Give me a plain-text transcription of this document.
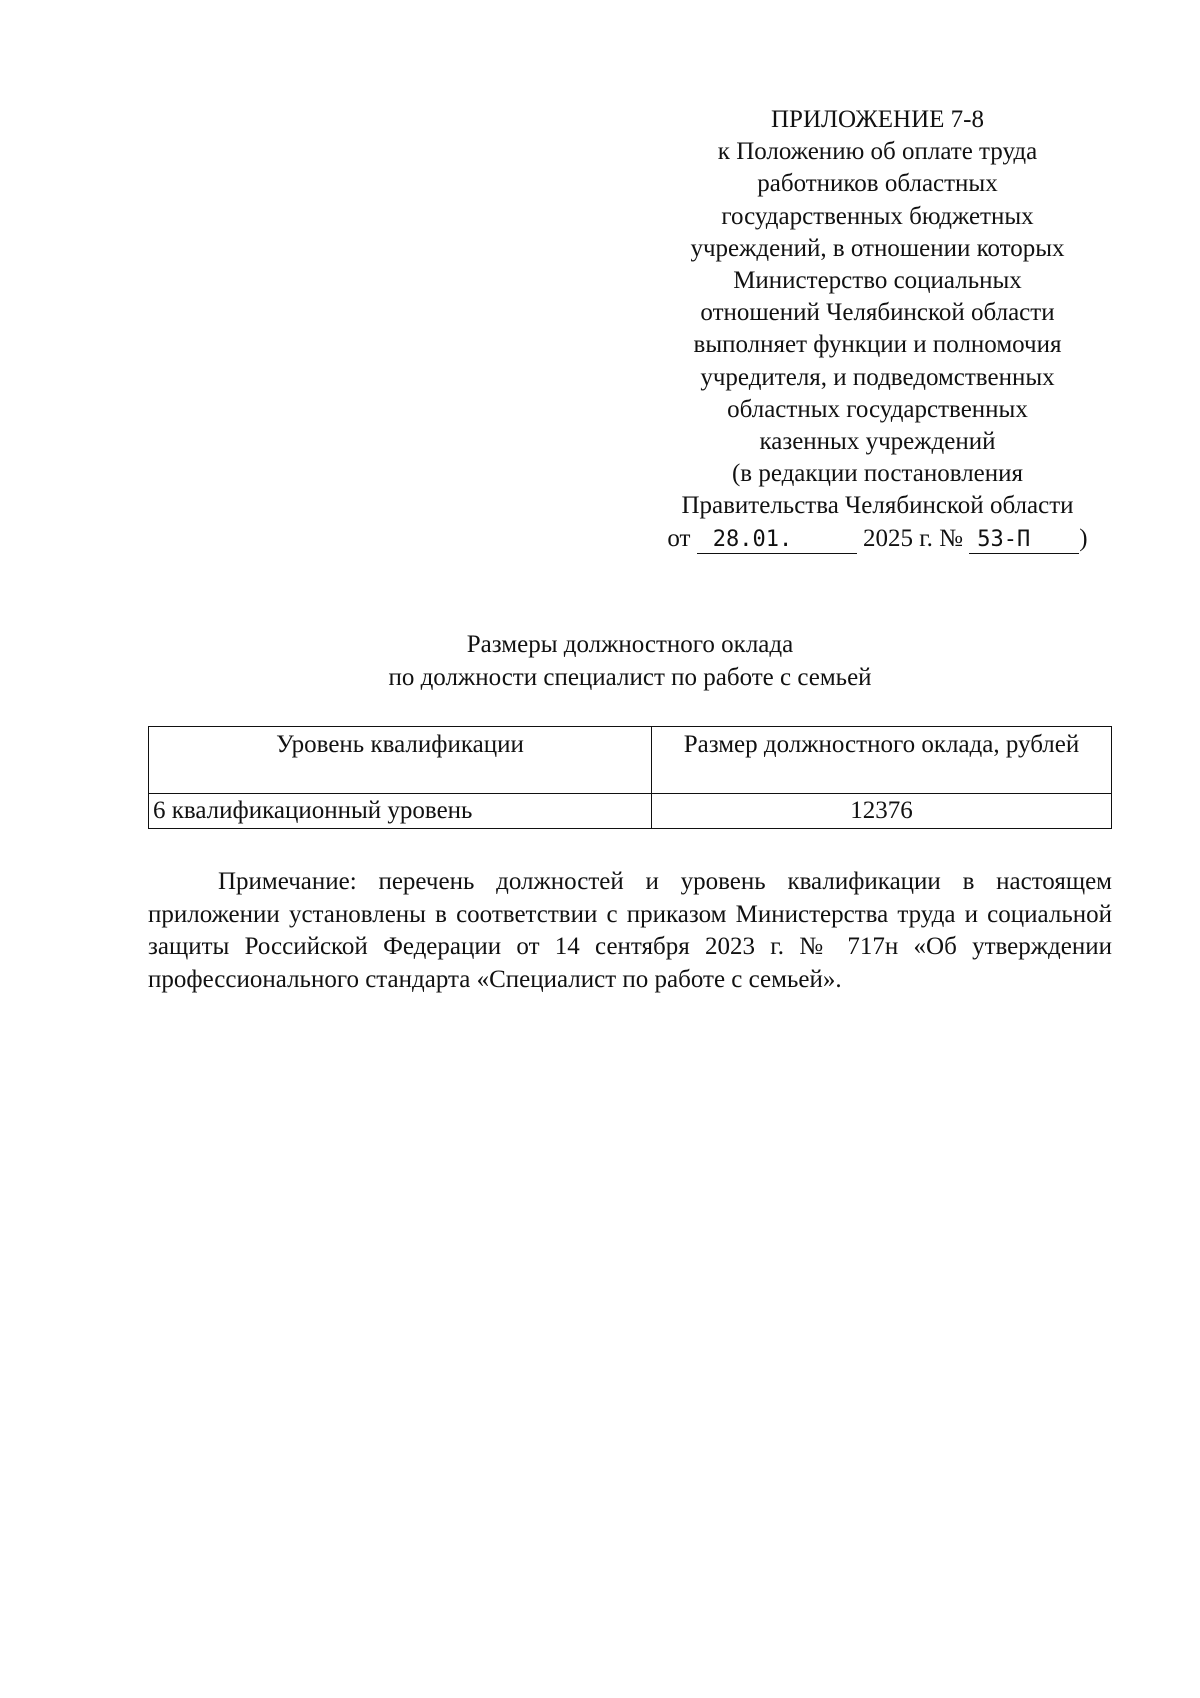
ПРИЛОЖЕНИЕ 7-8
к Положению об оплате труда
работников областных
государственных бюджетных
учреждений, в отношении которых
Министерство социальных
отношений Челябинской области
выполняет функции и полномочия
учредителя, и подведомственных
областных государственных
казенных учреждений
(в редакции постановления
Правительства Челябинской области
от 28.01.	2025 г. № 53-П )
Размеры должностного оклада
по должности специалист по работе с семьей
Уровень квалификации	Размер должностного оклада, рублей
6 квалификационный уровень	12376
Примечание: перечень должностей и уровень квалификации в настоящем приложении установлены в соответствии с приказом Министерства труда и социальной защиты Российской Федерации от 14 сентября 2023 г. № 717н «Об утверждении профессионального стандарта «Специалист по работе с семьей».
